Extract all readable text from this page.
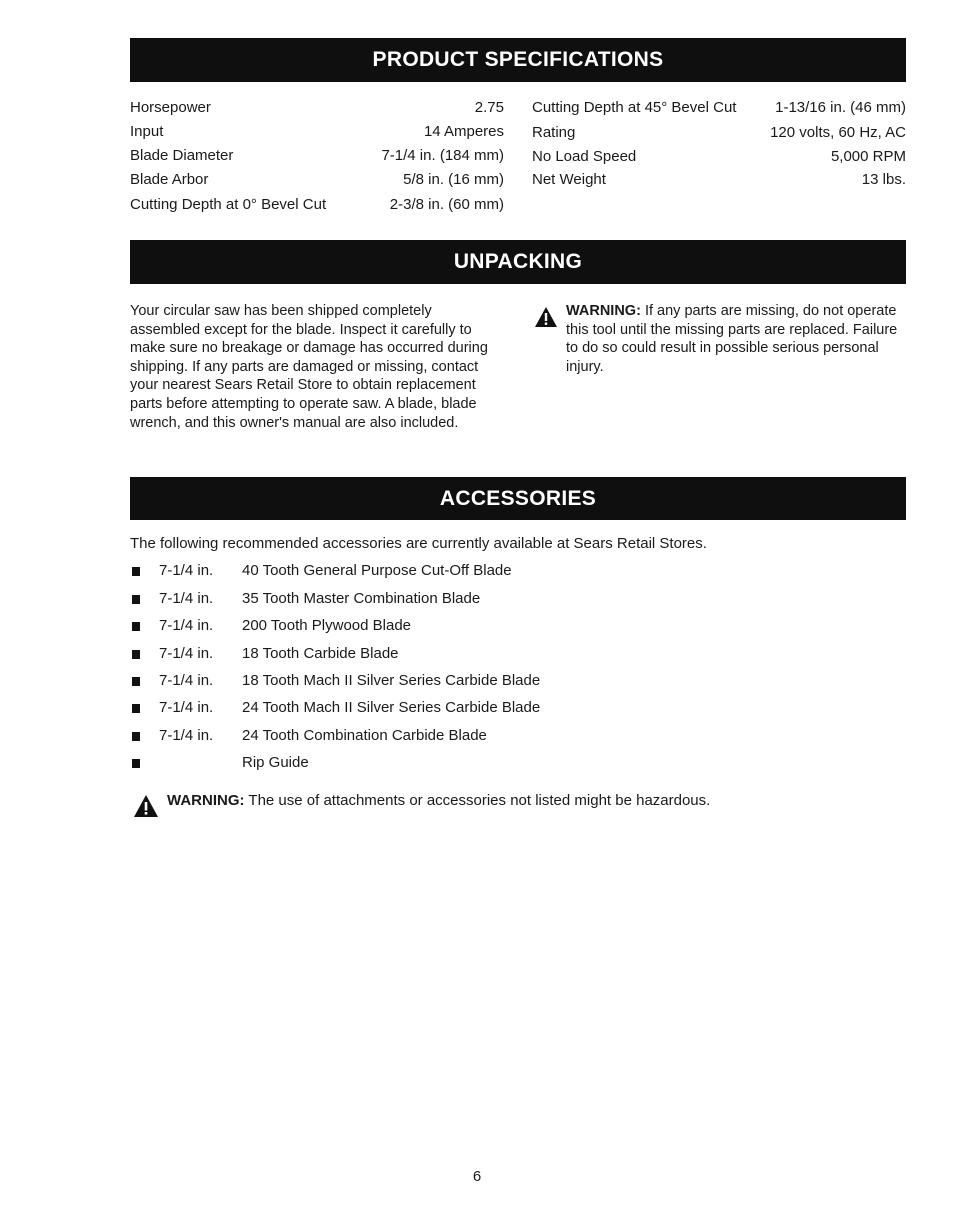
PRODUCT SPECIFICATIONS
Horsepower	2.75
Input	14 Amperes
Blade Diameter	7-1/4 in. (184 mm)
Blade Arbor	5/8 in. (16 mm)
Cutting Depth at 0° Bevel Cut	2-3/8 in. (60 mm)
Cutting Depth at 45° Bevel Cut	1-13/16 in. (46 mm)
Rating	120 volts, 60 Hz, AC
No Load Speed	5,000 RPM
Net Weight	13 lbs.
UNPACKING
Your circular saw has been shipped completely assembled except for the blade. Inspect it carefully to make sure no breakage or damage has occurred during shipping. If any parts are damaged or missing, contact your nearest Sears Retail Store to obtain replacement parts before attempting to operate saw. A blade, blade wrench, and this owner's manual are also included.
WARNING: If any parts are missing, do not operate this tool until the missing parts are replaced. Failure to do so could result in possible serious personal injury.
ACCESSORIES
The following recommended accessories are currently available at Sears Retail Stores.
7-1/4 in. 40 Tooth General Purpose Cut-Off Blade
7-1/4 in. 35 Tooth Master Combination Blade
7-1/4 in. 200 Tooth Plywood Blade
7-1/4 in. 18 Tooth Carbide Blade
7-1/4 in. 18 Tooth Mach II Silver Series Carbide Blade
7-1/4 in. 24 Tooth Mach II Silver Series Carbide Blade
7-1/4 in. 24 Tooth Combination Carbide Blade
Rip Guide
WARNING: The use of attachments or accessories not listed might be hazardous.
6
